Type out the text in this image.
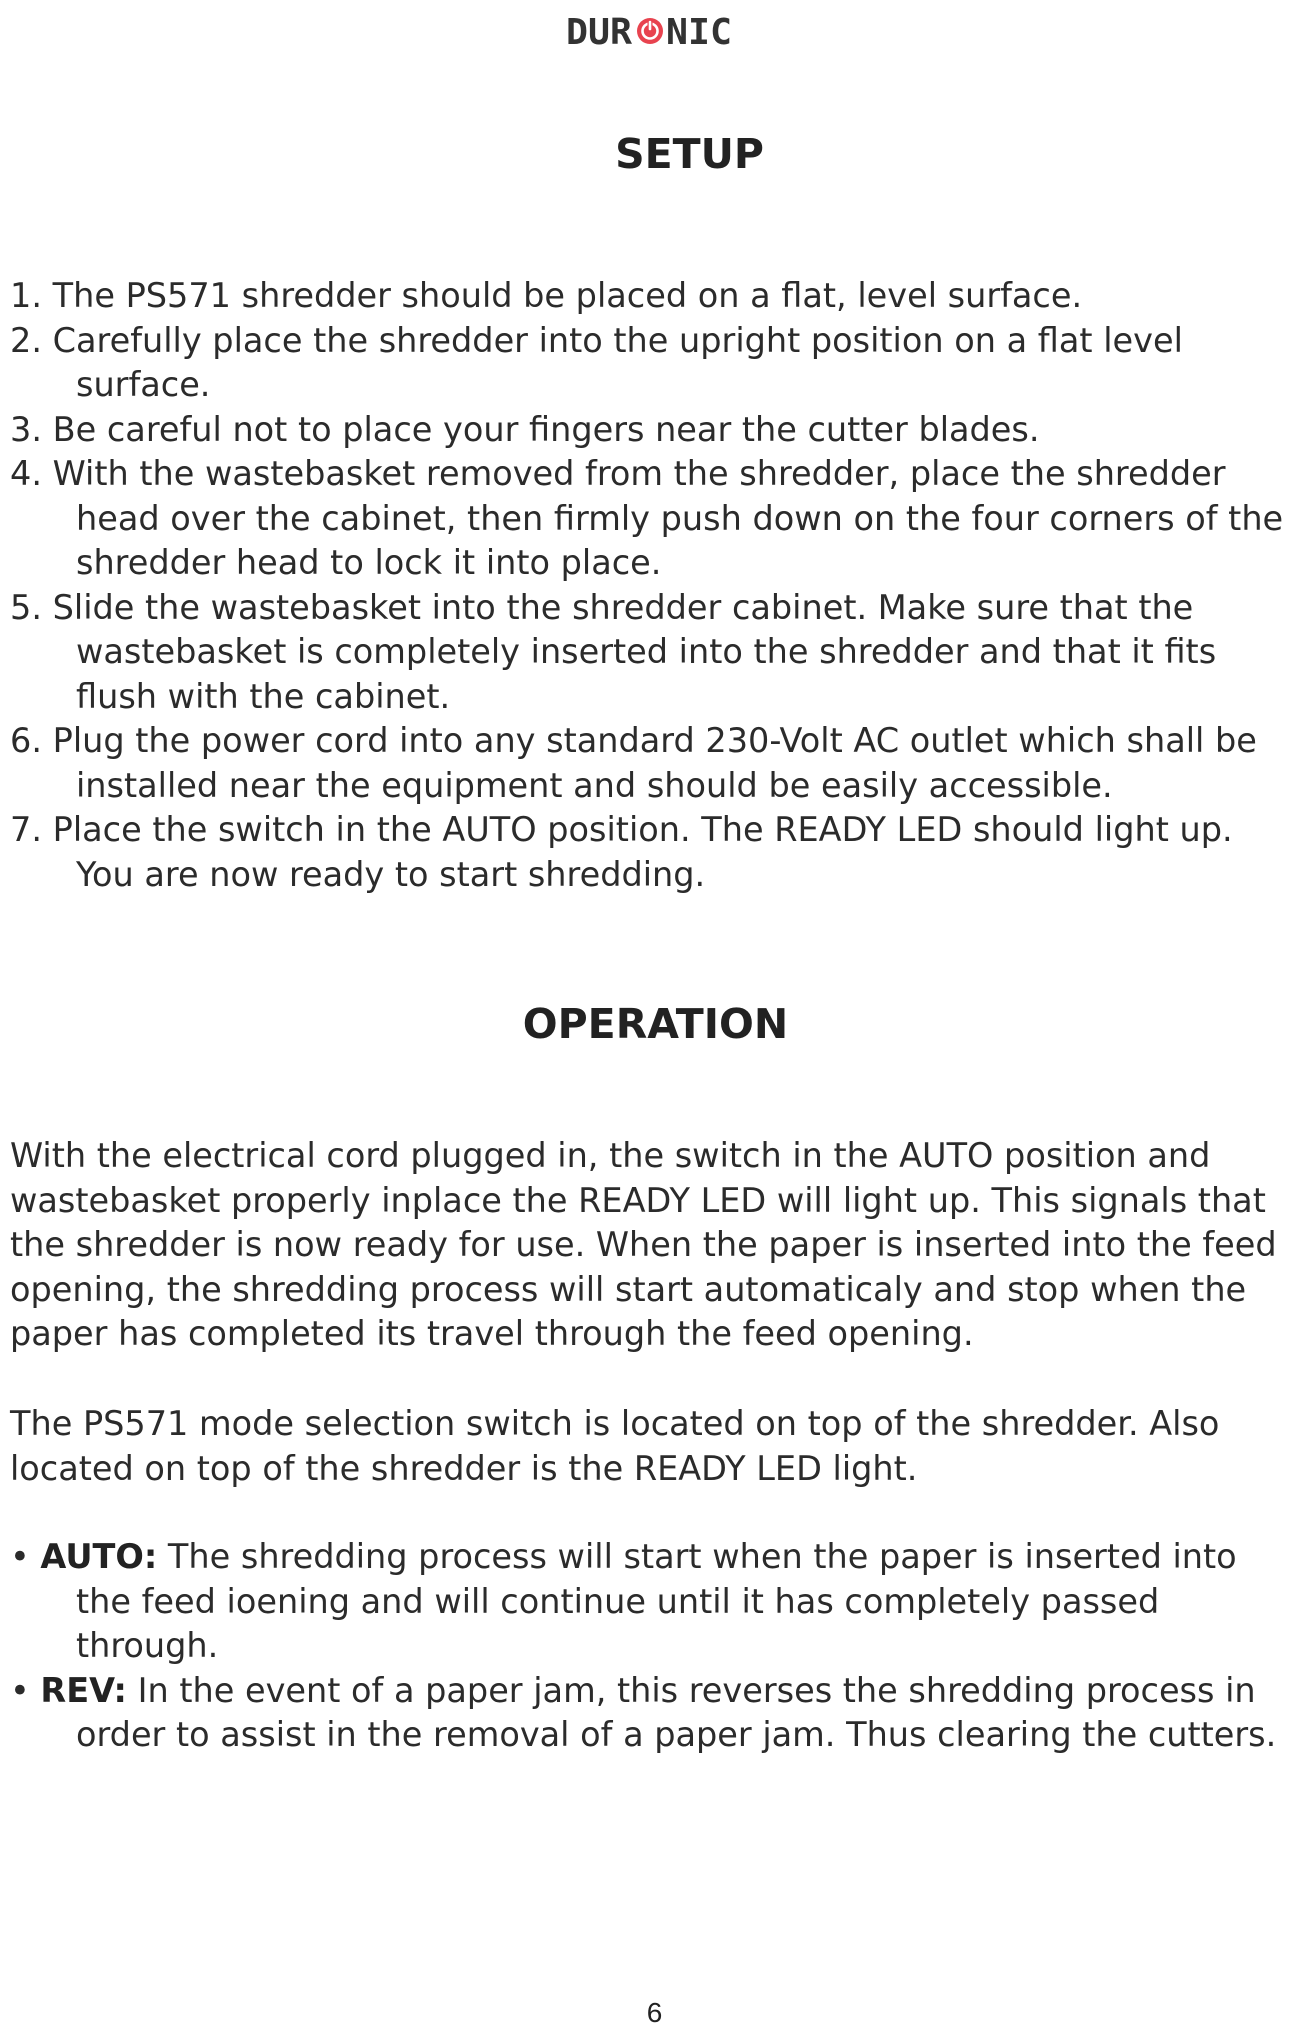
DUR NIC
SETUP
1. The PS571 shredder should be placed on a flat, level surface.
2. Carefully place the shredder into the upright position on a flat level surface.
3. Be careful not to place your fingers near the cutter blades.
4. With the wastebasket removed from the shredder, place the shredder head over the cabinet, then firmly push down on the four corners of the shredder head to lock it into place.
5. Slide the wastebasket into the shredder cabinet. Make sure that the wastebasket is completely inserted into the shredder and that it fits flush with the cabinet.
6. Plug the power cord into any standard 230-Volt AC outlet which shall be installed near the equipment and should be easily accessible.
7. Place the switch in the AUTO position. The READY LED should light up. You are now ready to start shredding.
OPERATION

With the electrical cord plugged in, the switch in the AUTO position and wastebasket properly inplace the READY LED will light up. This signals that the shredder is now ready for use. When the paper is inserted into the feed opening, the shredding process will start automaticaly and stop when the paper has completed its travel through the feed opening.

The PS571 mode selection switch is located on top of the shredder. Also located on top of the shredder is the READY LED light.

• AUTO: The shredding process will start when the paper is inserted into the feed ioening and will continue until it has completely passed through.
• REV: In the event of a paper jam, this reverses the shredding process in order to assist in the removal of a paper jam. Thus clearing the cutters.
6
